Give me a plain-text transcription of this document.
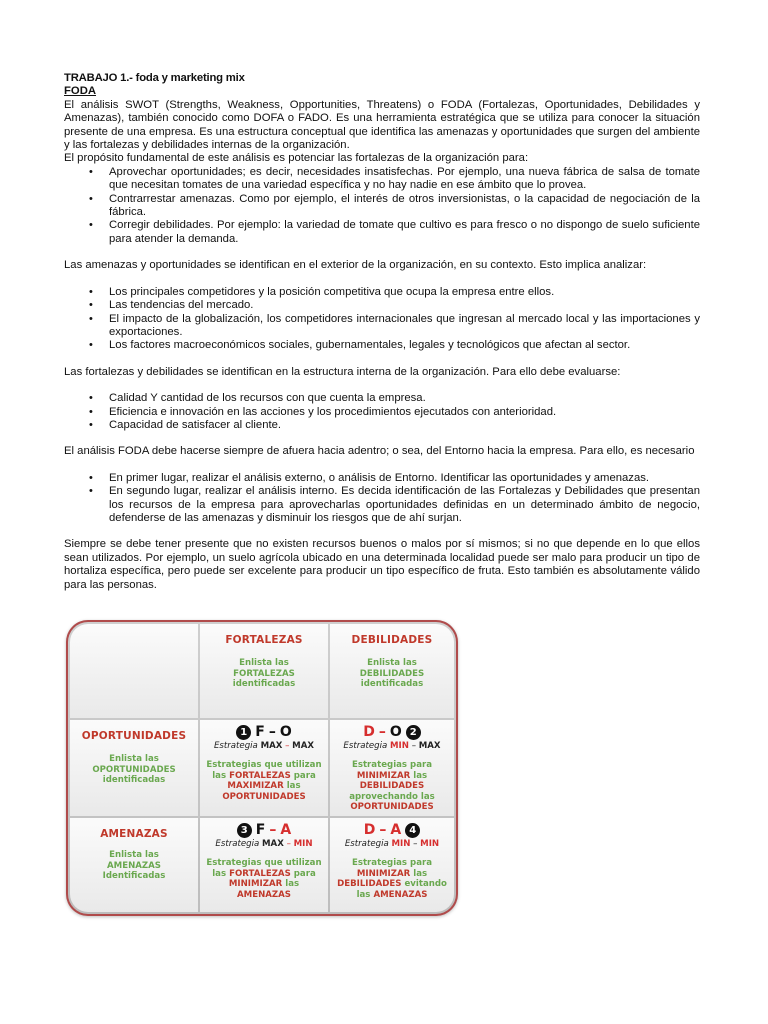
TRABAJO 1.- foda y marketing mix
FODA

El análisis SWOT (Strengths, Weakness, Opportunities, Threatens) o FODA (Fortalezas, Oportunidades, Debilidades y Amenazas), también conocido como DOFA o FADO. Es una herramienta estratégica que se utiliza para conocer la situación presente de una empresa. Es una estructura conceptual que identifica las amenazas y oportunidades que surgen del ambiente y las fortalezas y debilidades internas de la organización.

El propósito fundamental de este análisis es potenciar las fortalezas de la organización para:

• Aprovechar oportunidades; es decir, necesidades insatisfechas. Por ejemplo, una nueva fábrica de salsa de tomate que necesitan tomates de una variedad específica y no hay nadie en ese ámbito que lo provea.
• Contrarrestar amenazas. Como por ejemplo, el interés de otros inversionistas, o la capacidad de negociación de la fábrica.
• Corregir debilidades. Por ejemplo: la variedad de tomate que cultivo es para fresco o no dispongo de suelo suficiente para atender la demanda.

Las amenazas y oportunidades se identifican en el exterior de la organización, en su contexto. Esto implica analizar:

• Los principales competidores y la posición competitiva que ocupa la empresa entre ellos.
• Las tendencias del mercado.
• El impacto de la globalización, los competidores internacionales que ingresan al mercado local y las importaciones y exportaciones.
• Los factores macroeconómicos sociales, gubernamentales, legales y tecnológicos que afectan al sector.

Las fortalezas y debilidades se identifican en la estructura interna de la organización. Para ello debe evaluarse:

• Calidad Y cantidad de los recursos con que cuenta la empresa.
• Eficiencia e innovación en las acciones y los procedimientos ejecutados con anterioridad.
• Capacidad de satisfacer al cliente.

El análisis FODA debe hacerse siempre de afuera hacia adentro; o sea, del Entorno hacia la empresa. Para ello, es necesario

• En primer lugar, realizar el análisis externo, o análisis de Entorno. Identificar las oportunidades y amenazas.
• En segundo lugar, realizar el análisis interno. Es decida identificación de las Fortalezas y Debilidades que presentan los recursos de la empresa para aprovecharlas oportunidades definidas en un determinado ámbito de negocio, defenderse de las amenazas y disminuir los riesgos que de ahí surjan.

Siempre se debe tener presente que no existen recursos buenos o malos por sí mismos; si no que depende en lo que ellos sean utilizados. Por ejemplo, un suelo agrícola ubicado en una determinada localidad puede ser malo para producir un tipo de hortaliza específica, pero puede ser excelente para producir un tipo específico de fruta. Esto también es absolutamente válido para las personas.

FORTALEZAS
Enlista las
FORTALEZAS
identificadas
DEBILIDADES
Enlista las
DEBILIDADES
identificadas
OPORTUNIDADES
Enlista las
OPORTUNIDADES
identificadas
1 F – O
Estrategia MAX – MAX
Estrategias que utilizan
las FORTALEZAS para
MAXIMIZAR las
OPORTUNIDADES
D – O 2
Estrategia MIN – MAX
Estrategias para
MINIMIZAR las
DEBILIDADES
aprovechando las
OPORTUNIDADES
AMENAZAS
Enlista las
AMENAZAS
Identificadas
3 F – A
Estrategia MAX – MIN
Estrategias que utilizan
las FORTALEZAS para
MINIMIZAR las
AMENAZAS
D – A 4
Estrategia MIN – MIN
Estrategias para
MINIMIZAR las
DEBILIDADES evitando
las AMENAZAS
